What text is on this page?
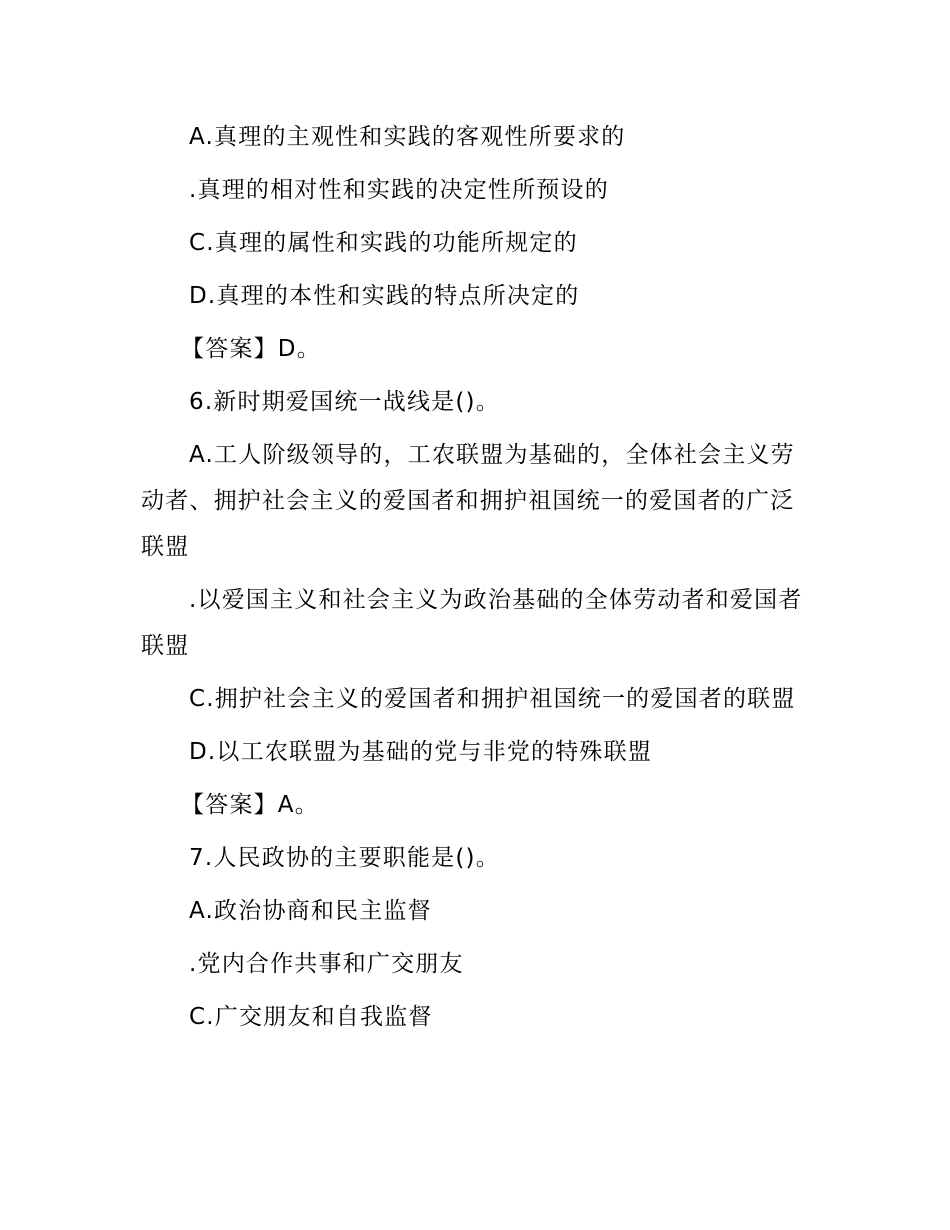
A.真理的主观性和实践的客观性所要求的

.真理的相对性和实践的决定性所预设的

C.真理的属性和实践的功能所规定的

D.真理的本性和实践的特点所决定的

【答案】D。

6.新时期爱国统一战线是()。

A.工人阶级领导的，工农联盟为基础的，全体社会主义劳动者、拥护社会主义的爱国者和拥护祖国统一的爱国者的广泛联盟

.以爱国主义和社会主义为政治基础的全体劳动者和爱国者联盟

C.拥护社会主义的爱国者和拥护祖国统一的爱国者的联盟

D.以工农联盟为基础的党与非党的特殊联盟

【答案】A。

7.人民政协的主要职能是()。

A.政治协商和民主监督

.党内合作共事和广交朋友

C.广交朋友和自我监督
